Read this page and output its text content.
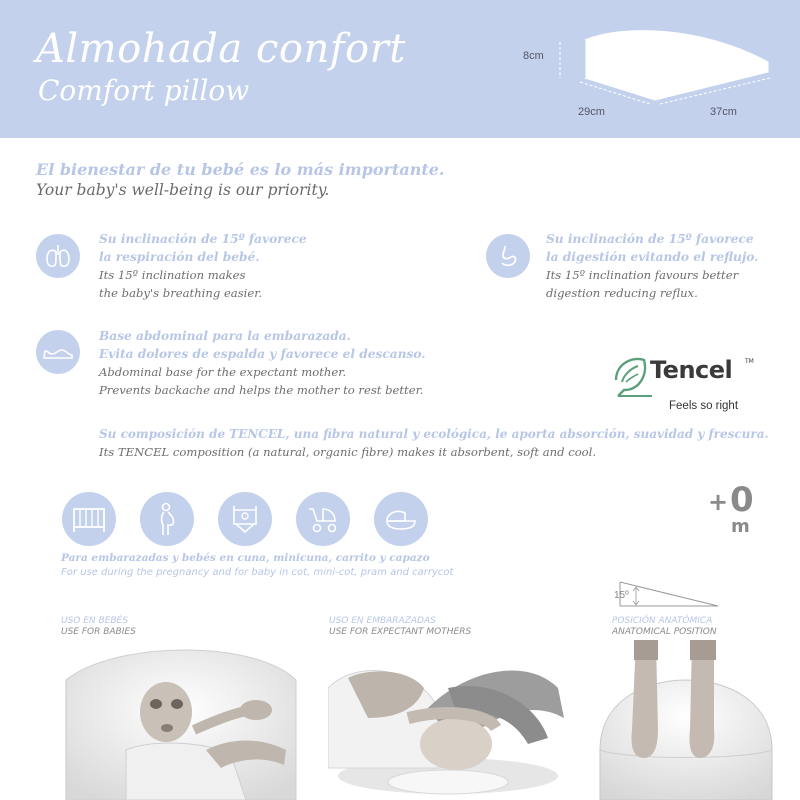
Almohada confort
Comfort pillow
8cm
29cm	37cm
El bienestar de tu bebé es lo más importante.
Your baby's well-being is our priority.
Su inclinación de 15º favorece
la respiración del bebé.
Its 15º inclination makes
the baby's breathing easier.
Su inclinación de 15º favorece
la digestión evitando el reflujo.
Its 15º inclination favours better
digestion reducing reflux.
Base abdominal para la embarazada.
Evita dolores de espalda y favorece el descanso.
Abdominal base for the expectant mother.
Prevents backache and helps the mother to rest better.
Tencel TM
Feels so right
Su composición de TENCEL, una fibra natural y ecológica, le aporta absorción, suavidad y frescura.
Its TENCEL composition (a natural, organic fibre) makes it absorbent, soft and cool.
+ 0
m
Para embarazadas y bebés en cuna, minicuna, carrito y capazo
For use during the pregnancy and for baby in cot, mini-cot, pram and carrycot
USO EN BEBÉS
USE FOR BABIES
USO EN EMBARAZADAS
USE FOR EXPECTANT MOTHERS
POSICIÓN ANATÓMICA
ANATOMICAL POSITION
15º
